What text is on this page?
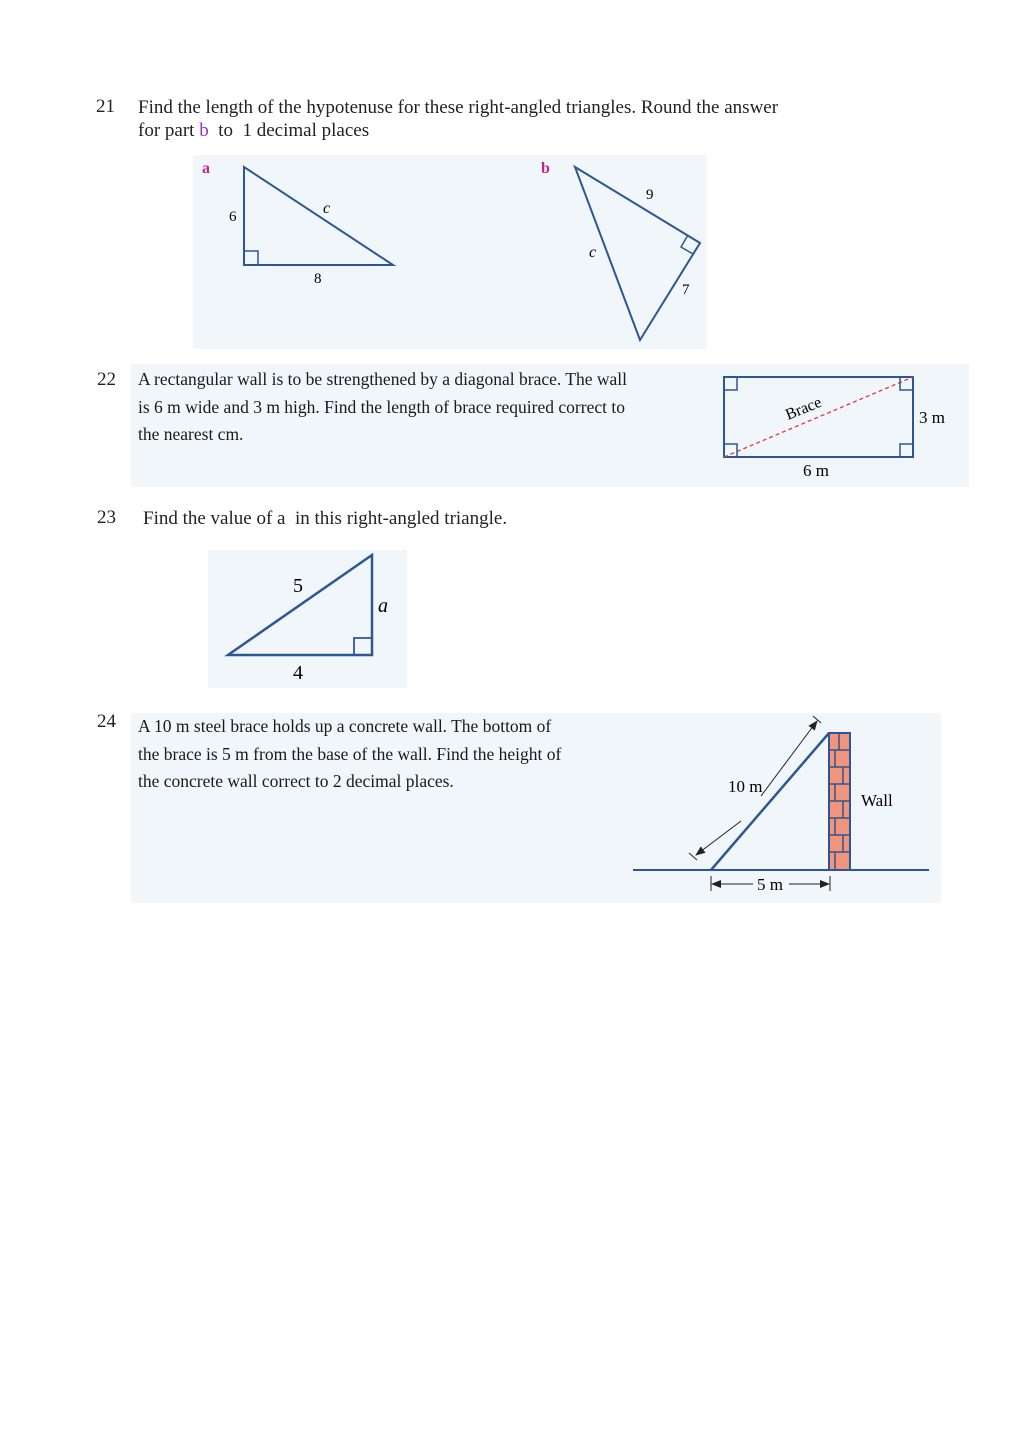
21 Find the length of the hypotenuse for these right-angled triangles. Round the answer
for part b  to  1 decimal places
a
6
8
c
b
9
7
c
22 A rectangular wall is to be strengthened by a diagonal brace. The wall
is 6 m wide and 3 m high. Find the length of brace required correct to
the nearest cm.
Brace	3 m
6 m
23 Find the value of a  in this right-angled triangle.
5
4
a
24 A 10 m steel brace holds up a concrete wall. The bottom of
the brace is 5 m from the base of the wall. Find the height of
the concrete wall correct to 2 decimal places.	10 m
Wall
5 m
